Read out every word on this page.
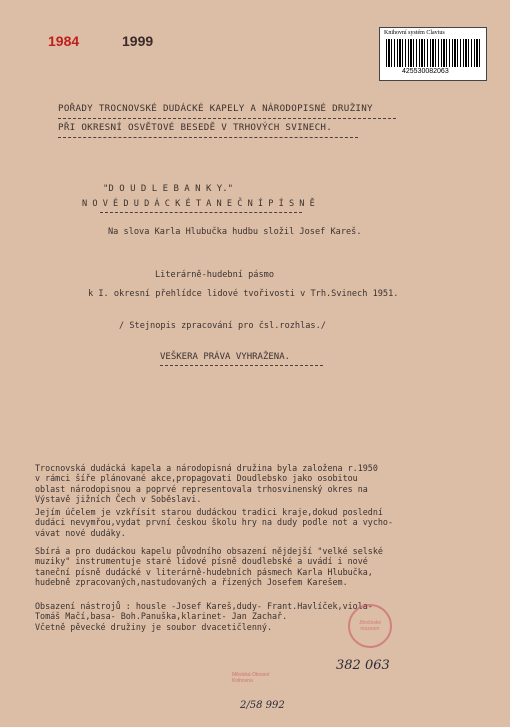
1984	1999	Knihovní systém Clavius
425530082063
POŘADY TROCNOVSKÉ DUDÁCKÉ KAPELY A NÁRODOPISNÉ DRUŽINY
PŘI OKRESNÍ OSVĚTOVÉ BESEDĚ V TRHOVÝCH SVINECH.
"D O U D L E B A N K Y."
N O V É D U D Á C K É T A N E Č N Í P Í S N Ě
Na slova Karla Hlubučka hudbu složil Josef Kareš.
Literárně-hudební pásmo
k I. okresní přehlídce lidové tvořivosti v Trh.Svinech 1951.
/ Stejnopis zpracování pro čsl.rozhlas./
VEŠKERA PRÁVA VYHRAŽENA.
Trocnovská dudácká kapela a národopisná družina byla založena r.1950
v rámci šíře plánované akce,propagovati Doudlebsko jako osobitou
oblast národopisnou a poprvé representovala trhosvinenský okres na
Výstavě jižních Čech v Soběslavi.
Jejím účelem je vzkřísit starou dudáckou tradici kraje,dokud poslední
dudáci nevymřou,vydat první českou školu hry na dudy podle not a vycho-
vávat nové dudáky.
Sbírá a pro dudáckou kapelu původního obsazení nějdejší "velké selské
muziky" instrumentuje staré lidové písně doudlebské a uvádí i nové
taneční písně dudácké v literárně-hudebních pásmech Karla Hlubučka,
hudebně zpracovaných,nastudovaných a řízených Josefem Karešem.
Obsazení nástrojů : housle -Josef Kareš,dudy- Frant.Havlíček,viola-
Tomáš Mačí,basa- Boh.Panuška,klarinet- Jan Zachař.
Včetně pěvecké družiny je soubor dvacetičlenný.	Jihočeské muzeum
382 063
Městská Okresní Knihovna
2/58 992
